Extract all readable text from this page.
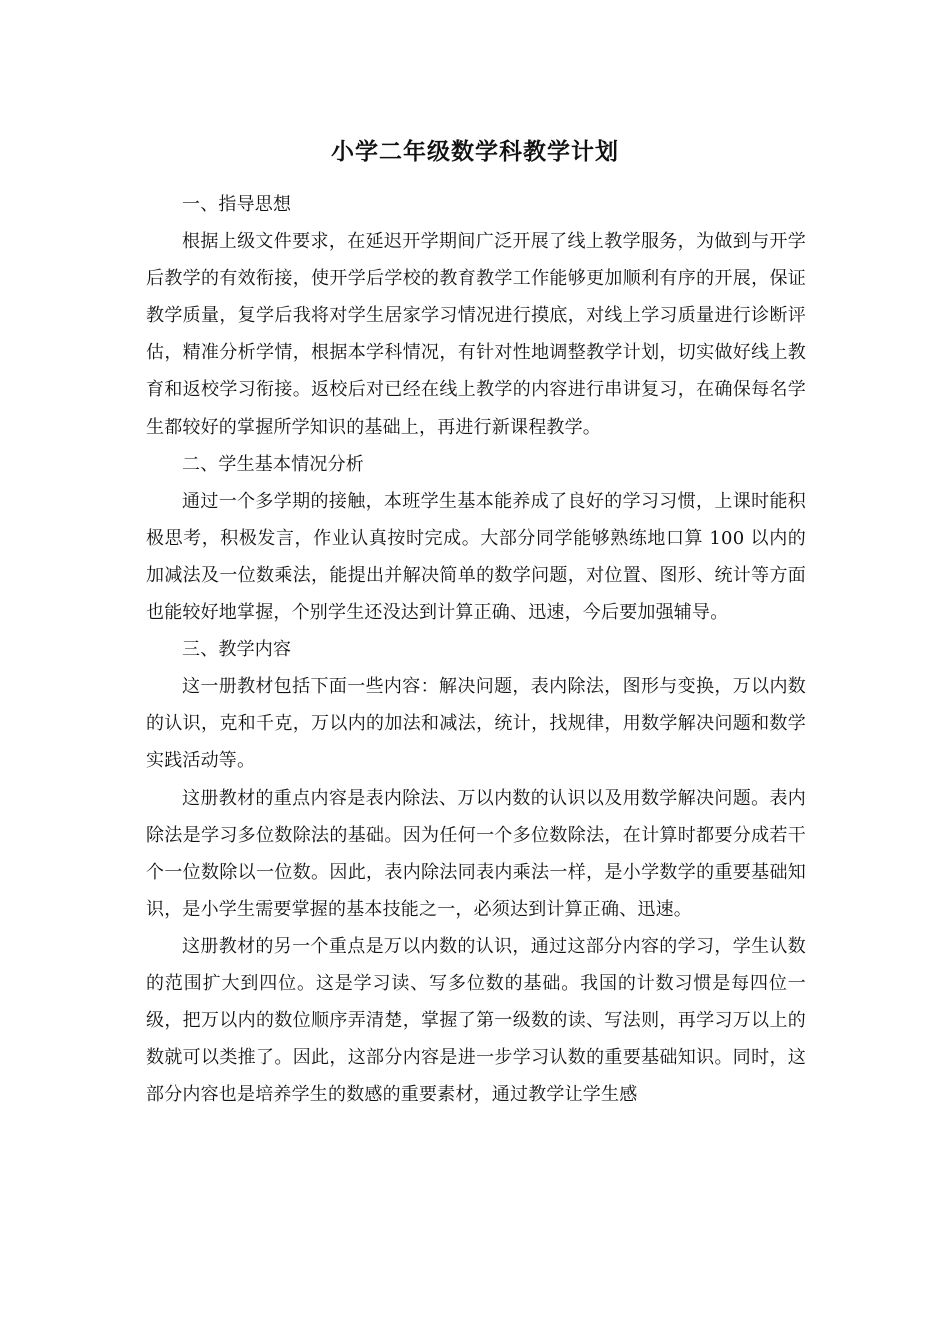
小学二年级数学科教学计划

一、指导思想

根据上级文件要求，在延迟开学期间广泛开展了线上教学服务，为做到与开学后教学的有效衔接，使开学后学校的教育教学工作能够更加顺利有序的开展，保证教学质量，复学后我将对学生居家学习情况进行摸底，对线上学习质量进行诊断评估，精准分析学情，根据本学科情况，有针对性地调整教学计划，切实做好线上教育和返校学习衔接。返校后对已经在线上教学的内容进行串讲复习，在确保每名学生都较好的掌握所学知识的基础上，再进行新课程教学。

二、学生基本情况分析

通过一个多学期的接触，本班学生基本能养成了良好的学习习惯，上课时能积极思考，积极发言，作业认真按时完成。大部分同学能够熟练地口算 100 以内的加减法及一位数乘法，能提出并解决简单的数学问题，对位置、图形、统计等方面也能较好地掌握，个别学生还没达到计算正确、迅速，今后要加强辅导。

三、教学内容

这一册教材包括下面一些内容：解决问题，表内除法，图形与变换，万以内数的认识，克和千克，万以内的加法和减法，统计，找规律，用数学解决问题和数学实践活动等。

这册教材的重点内容是表内除法、万以内数的认识以及用数学解决问题。表内除法是学习多位数除法的基础。因为任何一个多位数除法，在计算时都要分成若干个一位数除以一位数。因此，表内除法同表内乘法一样，是小学数学的重要基础知识，是小学生需要掌握的基本技能之一，必须达到计算正确、迅速。

这册教材的另一个重点是万以内数的认识，通过这部分内容的学习，学生认数的范围扩大到四位。这是学习读、写多位数的基础。我国的计数习惯是每四位一级，把万以内的数位顺序弄清楚，掌握了第一级数的读、写法则，再学习万以上的数就可以类推了。因此，这部分内容是进一步学习认数的重要基础知识。同时，这部分内容也是培养学生的数感的重要素材，通过教学让学生感
